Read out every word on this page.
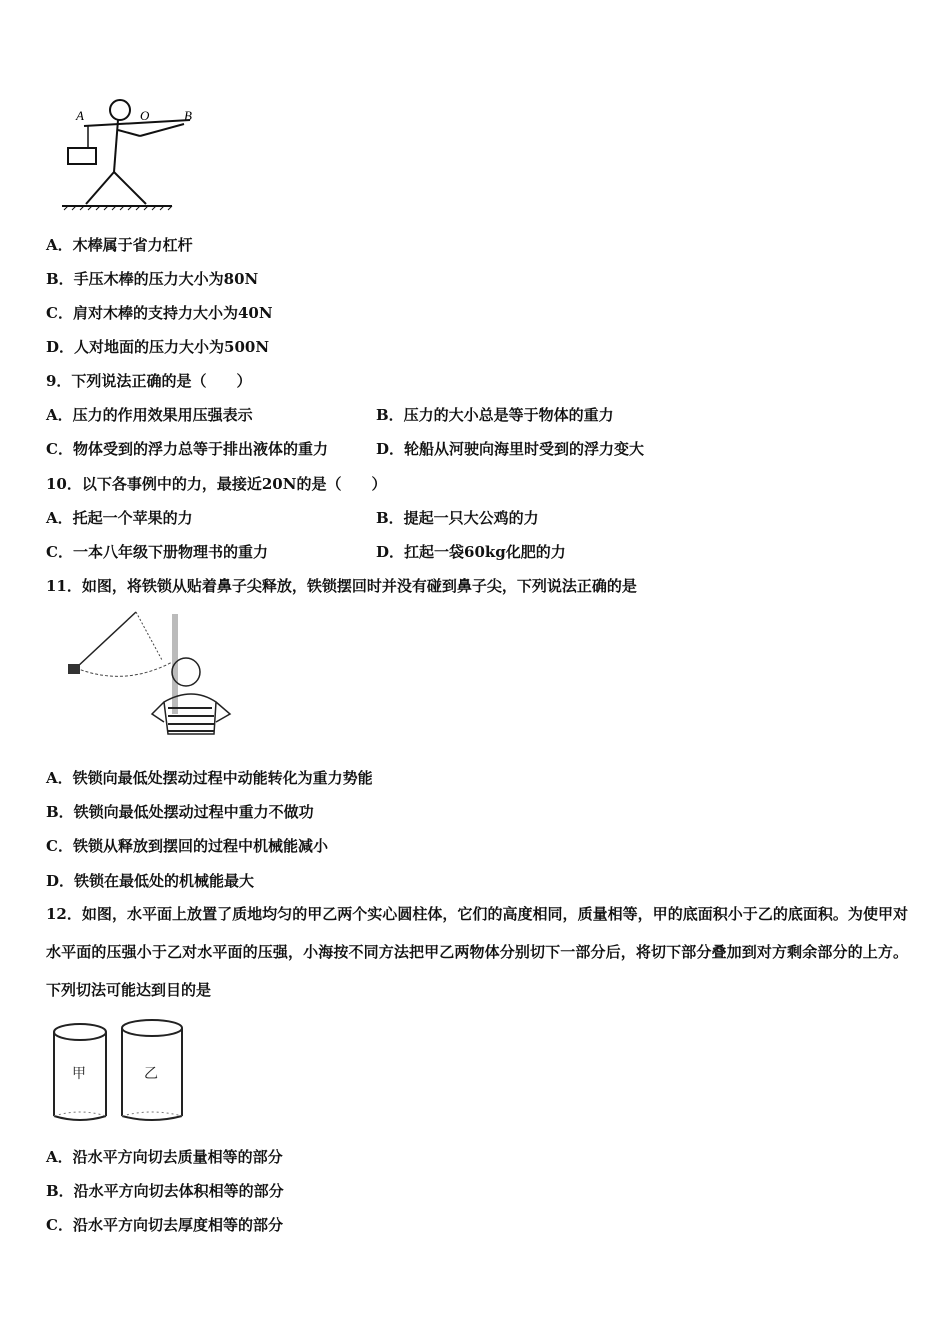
A	O	B
A．木棒属于省力杠杆
B．手压木棒的压力大小为80N
C．肩对木棒的支持力大小为40N
D．人对地面的压力大小为500N
9．下列说法正确的是（　　）
A．压力的作用效果用压强表示	B．压力的大小总是等于物体的重力
C．物体受到的浮力总等于排出液体的重力	D．轮船从河驶向海里时受到的浮力变大
10．以下各事例中的力，最接近20N的是（　　）
A．托起一个苹果的力	B．提起一只大公鸡的力
C．一本八年级下册物理书的重力	D．扛起一袋60kg化肥的力
11．如图，将铁锁从贴着鼻子尖释放，铁锁摆回时并没有碰到鼻子尖，下列说法正确的是
A．铁锁向最低处摆动过程中动能转化为重力势能
B．铁锁向最低处摆动过程中重力不做功
C．铁锁从释放到摆回的过程中机械能减小
D．铁锁在最低处的机械能最大
12．如图，水平面上放置了质地均匀的甲乙两个实心圆柱体，它们的高度相同，质量相等，甲的底面积小于乙的底面积。为使甲对水平面的压强小于乙对水平面的压强，小海按不同方法把甲乙两物体分别切下一部分后，将切下部分叠加到对方剩余部分的上方。下列切法可能达到目的是
甲	乙
A．沿水平方向切去质量相等的部分
B．沿水平方向切去体积相等的部分
C．沿水平方向切去厚度相等的部分
